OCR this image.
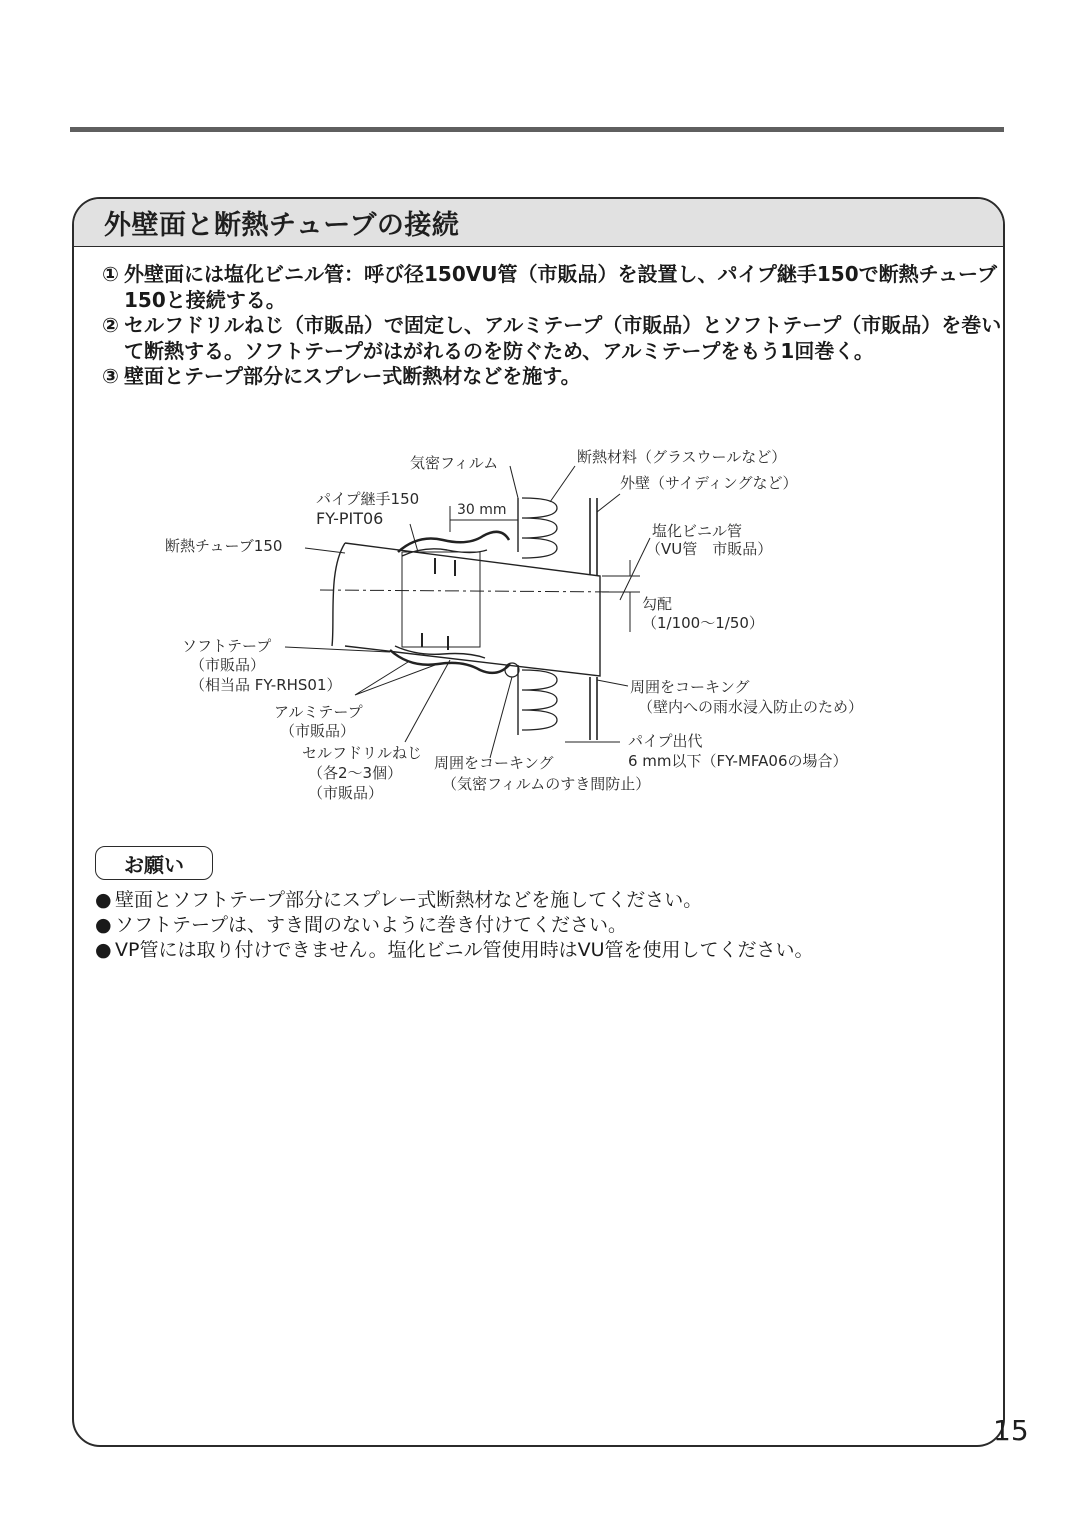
外壁面と断熱チューブの接続
① 外壁面には塩化ビニル管：呼び径150VU管（市販品）を設置し、パイプ継手150で断熱チューブ150と接続する。
② セルフドリルねじ（市販品）で固定し、アルミテープ（市販品）とソフトテープ（市販品）を巻いて断熱する。ソフトテープがはがれるのを防ぐため、アルミテープをもう1回巻く。
③ 壁面とテープ部分にスプレー式断熱材などを施す。
気密フィルム	断熱材料（グラスウールなど）
外壁（サイディングなど）
パイプ継手150
FY-PIT06	30 mm
断熱チューブ150
塩化ビニル管
（VU管　市販品）
勾配
（1/100〜1/50）
ソフトテープ
（市販品）
（相当品 FY-RHS01）
アルミテープ
（市販品）
周囲をコーキング
（壁内への雨水浸入防止のため）
セルフドリルねじ
（各2〜3個）
（市販品）
周囲をコーキング
（気密フィルムのすき間防止）
パイプ出代
6 mm以下（FY-MFA06の場合）
お願い
● 壁面とソフトテープ部分にスプレー式断熱材などを施してください。
● ソフトテープは、すき間のないように巻き付けてください。
● VP管には取り付けできません。塩化ビニル管使用時はVU管を使用してください。
15
